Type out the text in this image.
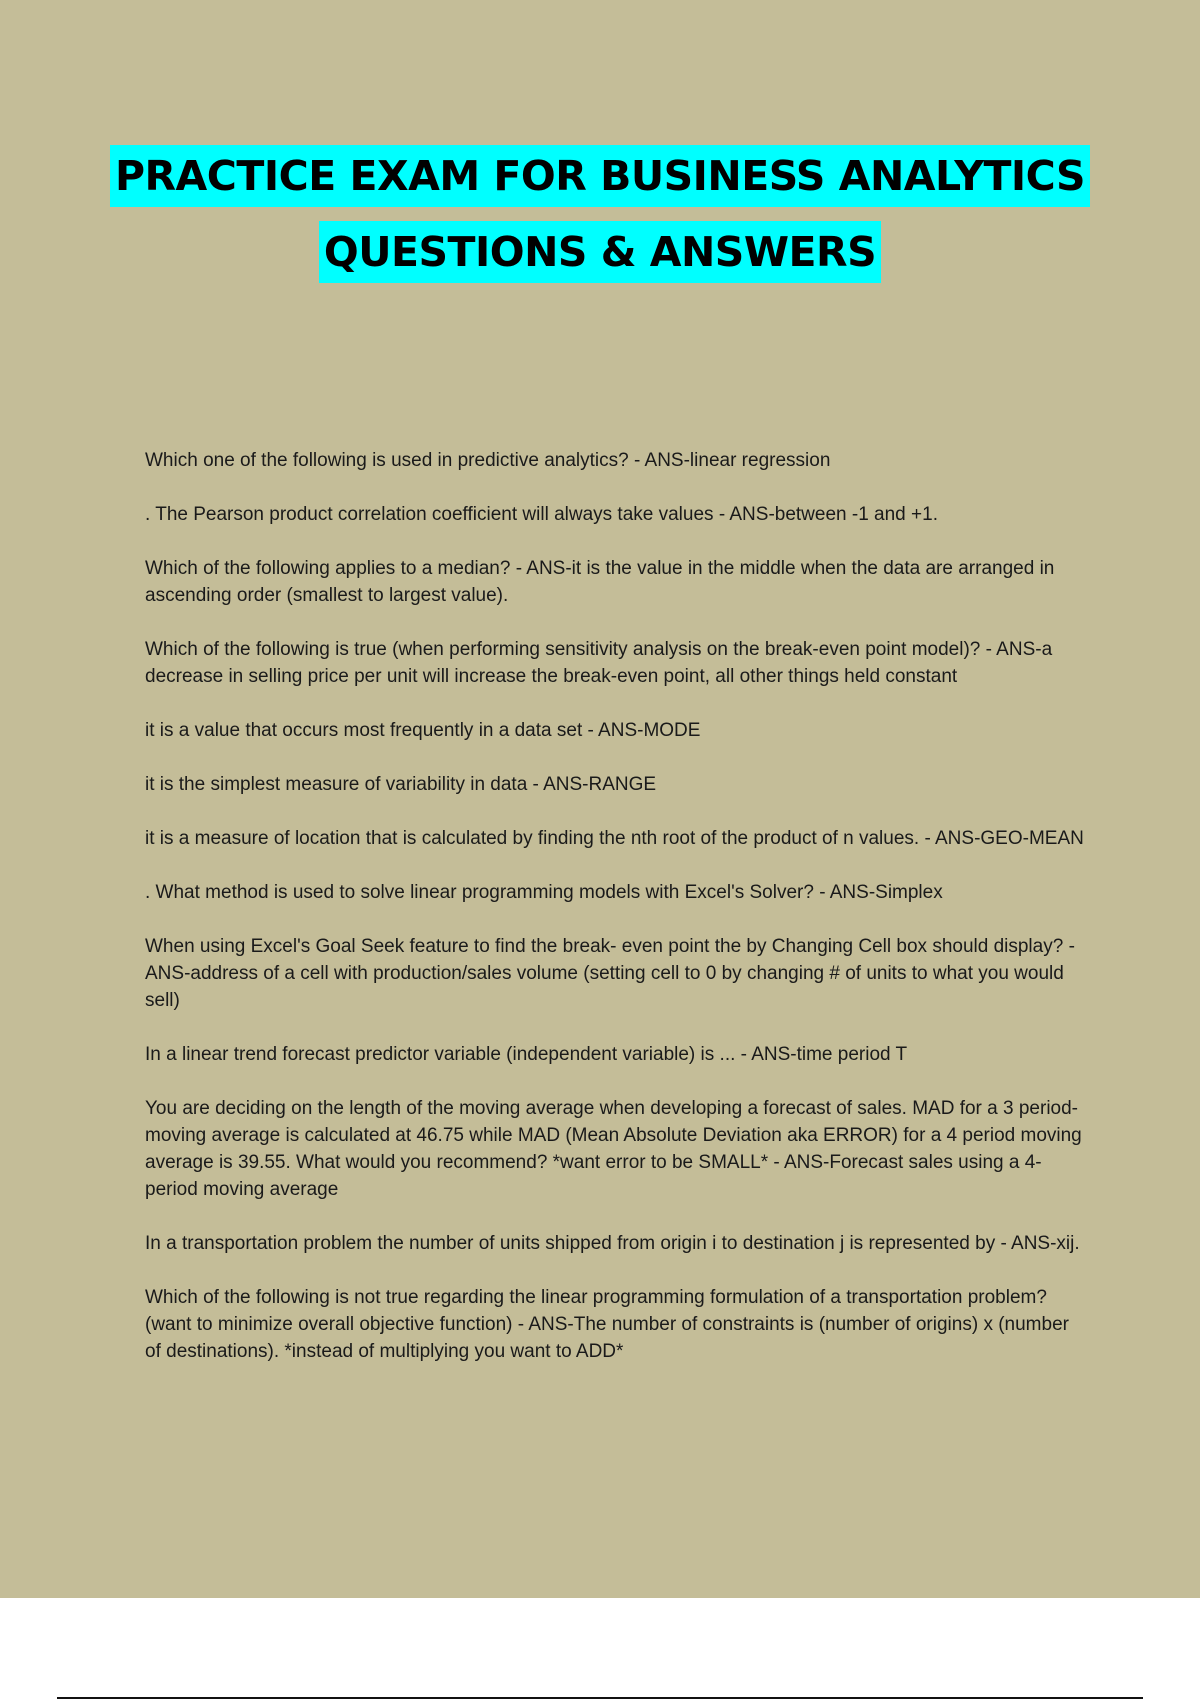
PRACTICE EXAM FOR BUSINESS ANALYTICS
QUESTIONS & ANSWERS

Which one of the following is used in predictive analytics? - ANS-linear regression

. The Pearson product correlation coefficient will always take values - ANS-between -1 and +1.

Which of the following applies to a median? - ANS-it is the value in the middle when the data are arranged in ascending order (smallest to largest value).

Which of the following is true (when performing sensitivity analysis on the break-even point model)? - ANS-a decrease in selling price per unit will increase the break-even point, all other things held constant

it is a value that occurs most frequently in a data set - ANS-MODE

it is the simplest measure of variability in data - ANS-RANGE

it is a measure of location that is calculated by finding the nth root of the product of n values. - ANS-GEO-MEAN

. What method is used to solve linear programming models with Excel's Solver? - ANS-Simplex

When using Excel's Goal Seek feature to find the break- even point the by Changing Cell box should display? - ANS-address of a cell with production/sales volume (setting cell to 0 by changing # of units to what you would sell)

In a linear trend forecast predictor variable (independent variable) is ... - ANS-time period T

You are deciding on the length of the moving average when developing a forecast of sales. MAD for a 3 period-moving average is calculated at 46.75 while MAD (Mean Absolute Deviation aka ERROR) for a 4 period moving average is 39.55. What would you recommend? *want error to be SMALL* - ANS-Forecast sales using a 4-period moving average

In a transportation problem the number of units shipped from origin i to destination j is represented by - ANS-xij.

Which of the following is not true regarding the linear programming formulation of a transportation problem? (want to minimize overall objective function) - ANS-The number of constraints is (number of origins) x (number of destinations). *instead of multiplying you want to ADD*
